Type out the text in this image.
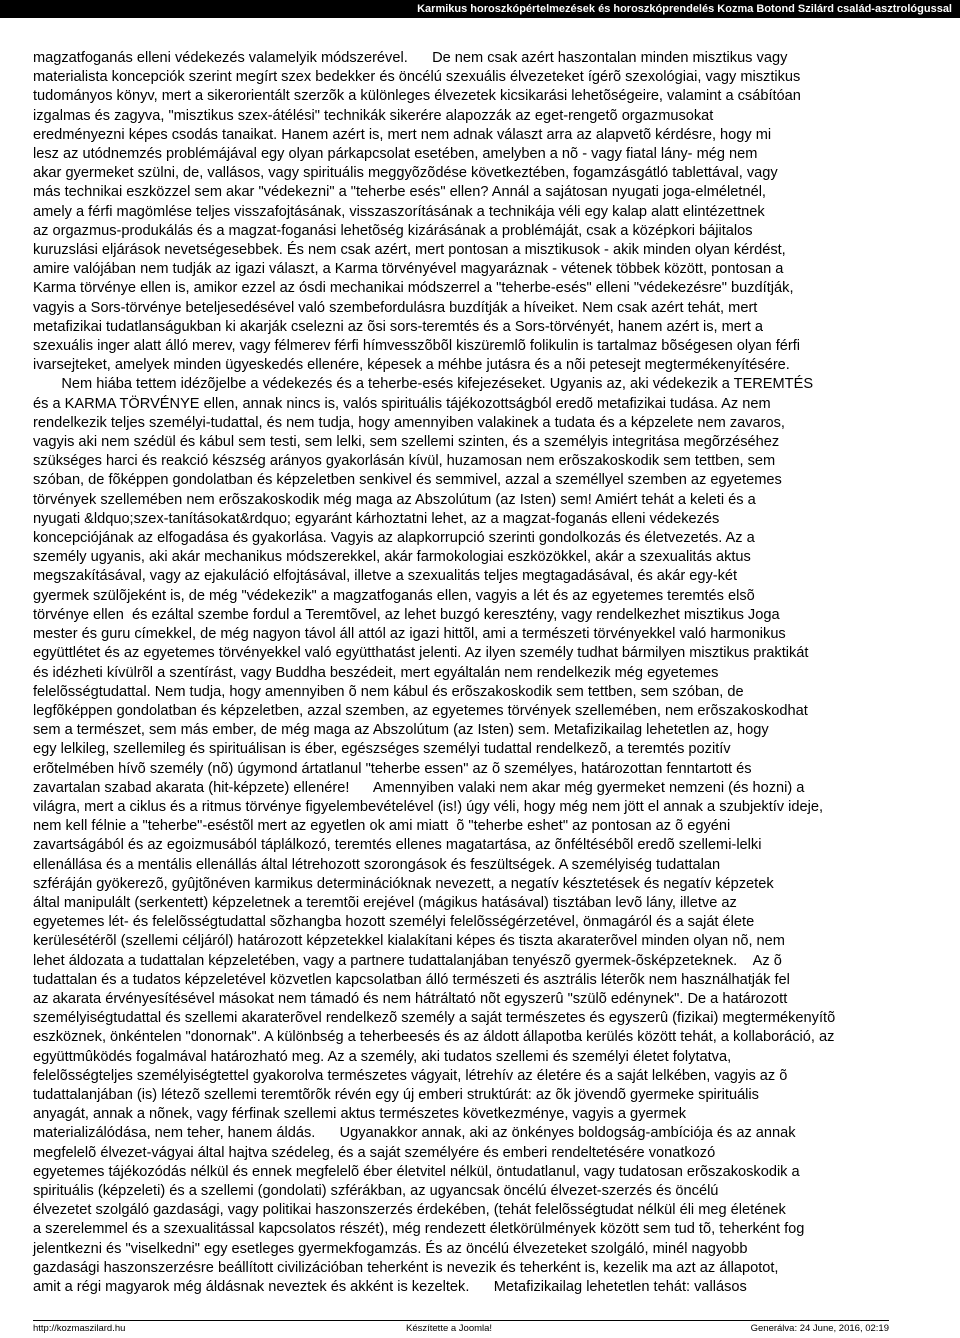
Karmikus horoszkópértelmezések és horoszkóprendelés Kozma Botond Szilárd család-asztrológussal
magzatfoganás elleni védekezés valamelyik módszerével.      De nem csak azért haszontalan minden misztikus vagy
materialista koncepciók szerint megírt szex bedekker és öncélú szexuális élvezeteket ígérõ szexológiai, vagy misztikus
tudományos könyv, mert a sikerorientált szerzõk a különleges élvezetek kicsikarási lehetõségeire, valamint a csábítóan
izgalmas és zagyva, "misztikus szex-átélési" technikák sikerére alapozzák az eget-rengetõ orgazmusokat
eredményezni képes csodás tanaikat. Hanem azért is, mert nem adnak választ arra az alapvetõ kérdésre, hogy mi
lesz az utódnemzés problémájával egy olyan párkapcsolat esetében, amelyben a nõ - vagy fiatal lány- még nem
akar gyermeket szülni, de, vallásos, vagy spirituális meggyõzõdése következtében, fogamzásgátló tablettával, vagy
más technikai eszközzel sem akar "védekezni" a "teherbe esés" ellen? Annál a sajátosan nyugati joga-elméletnél,
amely a férfi magömlése teljes visszafojtásának, visszaszorításának a technikája véli egy kalap alatt elintézettnek
az orgazmus-produkálás és a magzat-foganási lehetõség kizárásának a problémáját, csak a középkori bájitalos
kuruzslási eljárások nevetségesebbek. És nem csak azért, mert pontosan a misztikusok - akik minden olyan kérdést,
amire valójában nem tudják az igazi választ, a Karma törvényével magyaráznak - vétenek többek között, pontosan a
Karma törvénye ellen is, amikor ezzel az ósdi mechanikai módszerrel a "teherbe-esés" elleni "védekezésre" buzdítják,
vagyis a Sors-törvénye beteljesedésével való szembefordulásra buzdítják a híveiket. Nem csak azért tehát, mert
metafizikai tudatlanságukban ki akarják cselezni az õsi sors-teremtés és a Sors-törvényét, hanem azért is, mert a
szexuális inger alatt álló merev, vagy félmerev férfi hímvesszõbõl kiszüremlõ folikulin is tartalmaz bõségesen olyan férfi
ivarsejteket, amelyek minden ügyeskedés ellenére, képesek a méhbe jutásra és a nõi petesejt megtermékenyítésére.
Nem hiába tettem idézõjelbe a védekezés és a teherbe-esés kifejezéseket. Ugyanis az, aki védekezik a TEREMTÉS
és a KARMA TÖRVÉNYE ellen, annak nincs is, valós spirituális tájékozottságból eredõ metafizikai tudása. Az nem
rendelkezik teljes személyi-tudattal, és nem tudja, hogy amennyiben valakinek a tudata és a képzelete nem zavaros,
vagyis aki nem szédül és kábul sem testi, sem lelki, sem szellemi szinten, és a személyis integritása megõrzéséhez
szükséges harci és reakció készség arányos gyakorlásán kívül, huzamosan nem erõszakoskodik sem tettben, sem
szóban, de fõképpen gondolatban és képzeletben senkivel és semmivel, azzal a személlyel szemben az egyetemes
törvények szellemében nem erõszakoskodik még maga az Abszolútum (az Isten) sem! Amiért tehát a keleti és a
nyugati &ldquo;szex-tanításokat&rdquo; egyaránt kárhoztatni lehet, az a magzat-foganás elleni védekezés
koncepciójának az elfogadása és gyakorlása. Vagyis az alapkorrupció szerinti gondolkozás és életvezetés. Az a
személy ugyanis, aki akár mechanikus módszerekkel, akár farmokologiai eszközökkel, akár a szexualitás aktus
megszakításával, vagy az ejakuláció elfojtásával, illetve a szexualitás teljes megtagadásával, és akár egy-két
gyermek szülõjeként is, de még "védekezik" a magzatfoganás ellen, vagyis a lét és az egyetemes teremtés elsõ
törvénye ellen  és ezáltal szembe fordul a Teremtõvel, az lehet buzgó keresztény, vagy rendelkezhet misztikus Joga
mester és guru címekkel, de még nagyon távol áll attól az igazi hittõl, ami a természeti törvényekkel való harmonikus
együttlétet és az egyetemes törvényekkel való együtthatást jelenti. Az ilyen személy tudhat bármilyen misztikus praktikát
és idézheti kívülrõl a szentírást, vagy Buddha beszédeit, mert egyáltalán nem rendelkezik még egyetemes
felelõsségtudattal. Nem tudja, hogy amennyiben õ nem kábul és erõszakoskodik sem tettben, sem szóban, de
legfõképpen gondolatban és képzeletben, azzal szemben, az egyetemes törvények szellemében, nem erõszakoskodhat
sem a természet, sem más ember, de még maga az Abszolútum (az Isten) sem. Metafizikailag lehetetlen az, hogy
egy lelkileg, szellemileg és spirituálisan is éber, egészséges személyi tudattal rendelkezõ, a teremtés pozitív
erõtelmében hívõ személy (nõ) úgymond ártatlanul "teherbe essen" az õ személyes, határozottan fenntartott és
zavartalan szabad akarata (hit-képzete) ellenére!      Amennyiben valaki nem akar még gyermeket nemzeni (és hozni) a
világra, mert a ciklus és a ritmus törvénye figyelembevételével (is!) úgy véli, hogy még nem jött el annak a szubjektív ideje,
nem kell félnie a "teherbe"-eséstõl mert az egyetlen ok ami miatt  õ "teherbe eshet" az pontosan az õ egyéni
zavartságából és az egoizmusából táplálkozó, teremtés ellenes magatartása, az õnféltésébõl eredõ szellemi-lelki
ellenállása és a mentális ellenállás által létrehozott szorongások és feszültségek. A személyiség tudattalan
szféráján gyökerezõ, gyûjtõnéven karmikus determinációknak nevezett, a negatív késztetések és negatív képzetek
által manipulált (serkentett) képzeletnek a teremtõi erejével (mágikus hatásával) tisztában levõ lány, illetve az
egyetemes lét- és felelõsségtudattal sõzhangba hozott személyi felelõsségérzetével, önmagáról és a saját élete
kerülesétérõl (szellemi céljáról) határozott képzetekkel kialakítani képes és tiszta akaraterõvel minden olyan nõ, nem
lehet áldozata a tudattalan képzeletében, vagy a partnere tudattalanjában tenyészõ gyermek-õsképzeteknek.    Az õ
tudattalan és a tudatos képzeletével közvetlen kapcsolatban álló természeti és asztrális léterõk nem használhatják fel
az akarata érvényesítésével másokat nem támadó és nem hátráltató nõt egyszerû "szülõ edénynek". De a határozott
személyiségtudattal és szellemi akaraterõvel rendelkezõ személy a saját természetes és egyszerû (fizikai) megtermékenyítõ
eszköznek, önkéntelen "donornak". A különbség a teherbeesés és az áldott állapotba kerülés között tehát, a kollaboráció, az
együttmûködés fogalmával határozható meg. Az a személy, aki tudatos szellemi és személyi életet folytatva,
felelõsségteljes személyiségtettel gyakorolva természetes vágyait, létrehív az életére és a saját lelkében, vagyis az õ
tudattalanjában (is) létezõ szellemi teremtõrõk révén egy új emberi struktúrát: az õk jövendõ gyermeke spirituális
anyagát, annak a nõnek, vagy férfinak szellemi aktus természetes következménye, vagyis a gyermek
materializálódása, nem teher, hanem áldás.      Ugyanakkor annak, aki az önkényes boldogság-ambíciója és az annak
megfelelõ élvezet-vágyai által hajtva szédeleg, és a saját személyére és emberi rendeltetésére vonatkozó
egyetemes tájékozódás nélkül és ennek megfelelõ éber életvitel nélkül, öntudatlanul, vagy tudatosan erõszakoskodik a
spirituális (képzeleti) és a szellemi (gondolati) szférákban, az ugyancsak öncélú élvezet-szerzés és öncélú
élvezetet szolgáló gazdasági, vagy politikai haszonszerzés érdekében, (tehát felelõsségtudat nélkül éli meg életének
a szerelemmel és a szexualitással kapcsolatos részét), még rendezett életkörülmények között sem tud tõ, teherként fog
jelentkezni és "viselkedni" egy esetleges gyermekfogamzás. És az öncélú élvezeteket szolgáló, minél nagyobb
gazdasági haszonszerzésre beállított civilizációban teherként is nevezik és teherként is, kezelik ma azt az állapotot,
amit a régi magyarok még áldásnak neveztek és akként is kezeltek.      Metafizikailag lehetetlen tehát: vallásos
http://kozmaszilard.hu	Készítette a Joomla!	Generálva: 24 June, 2016, 02:19
